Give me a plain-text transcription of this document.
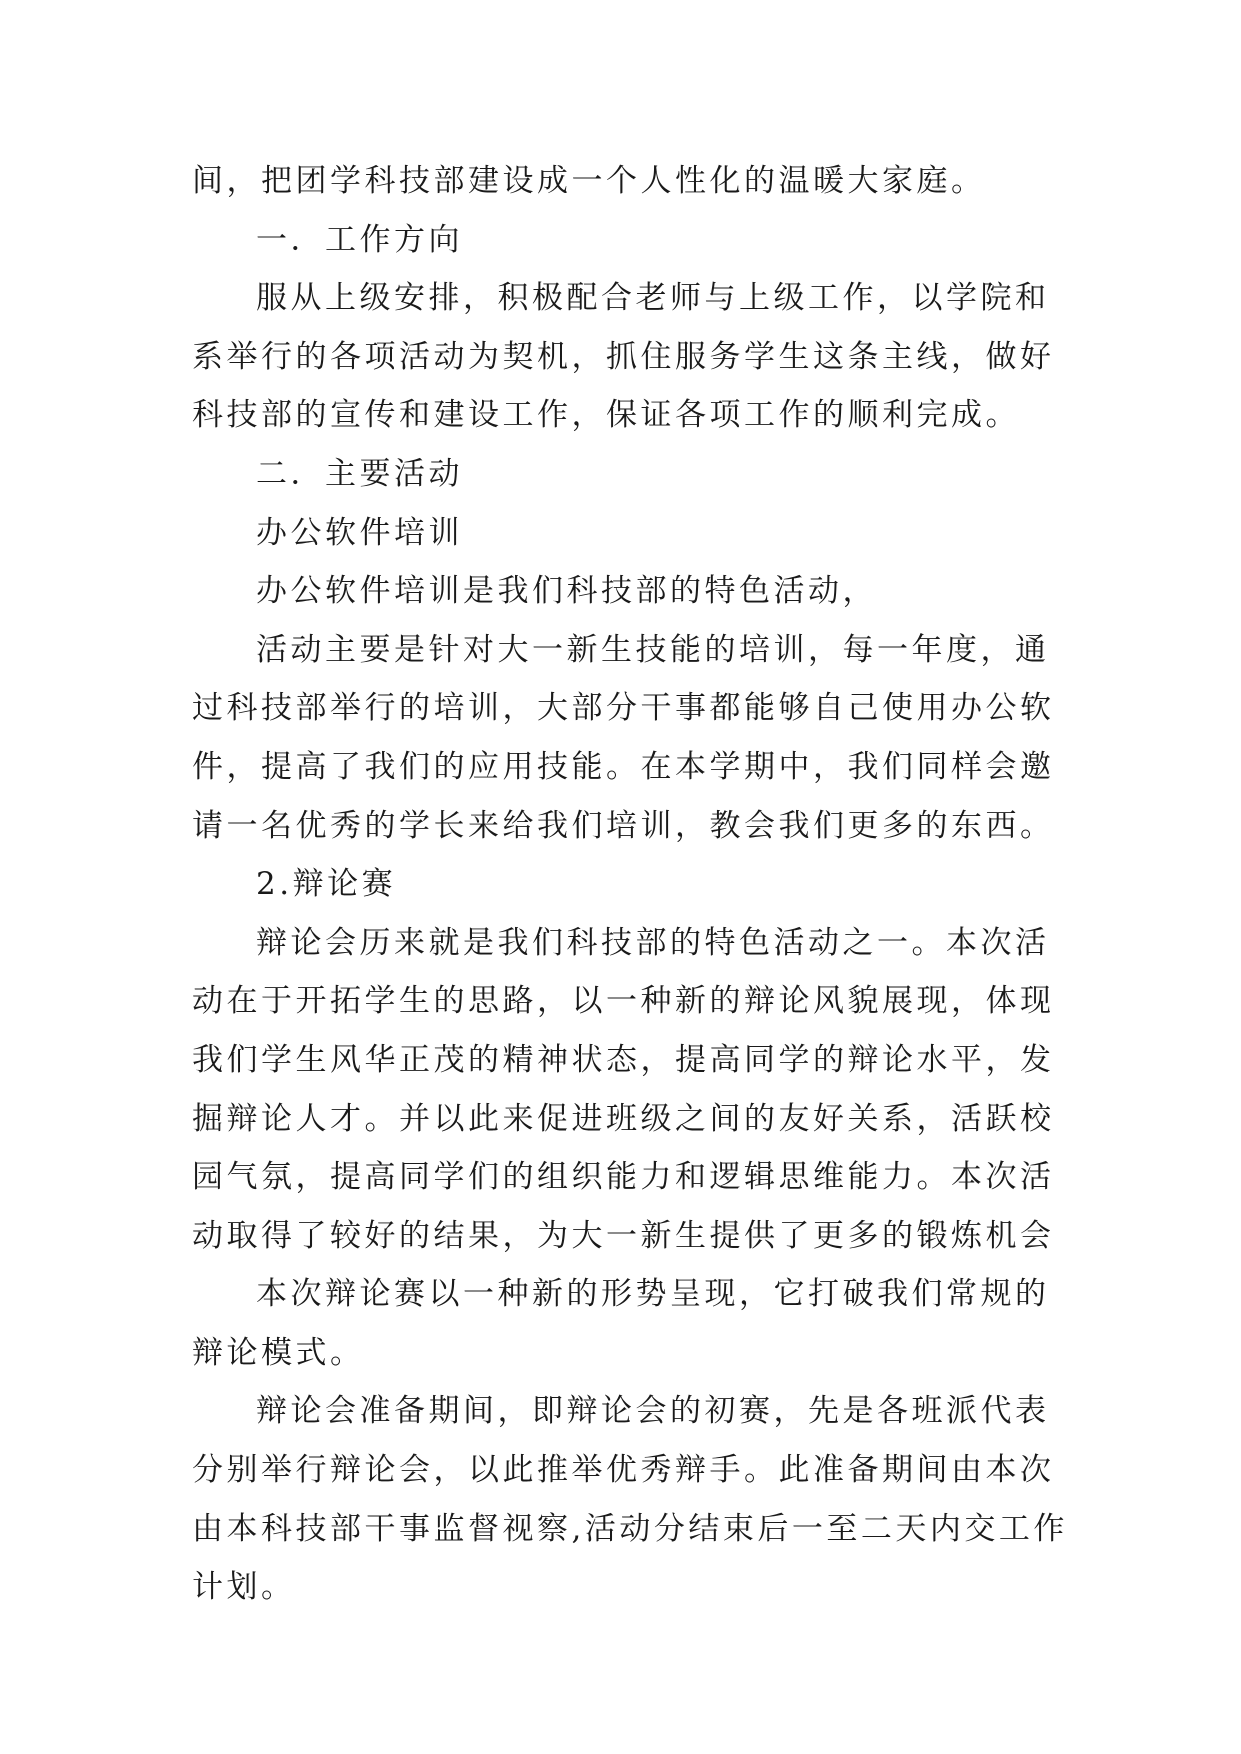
间，把团学科技部建设成一个人性化的温暖大家庭。

一．工作方向

服从上级安排，积极配合老师与上级工作，以学院和系举行的各项活动为契机，抓住服务学生这条主线，做好科技部的宣传和建设工作，保证各项工作的顺利完成。

二．主要活动

办公软件培训

办公软件培训是我们科技部的特色活动，

活动主要是针对大一新生技能的培训，每一年度，通过科技部举行的培训，大部分干事都能够自己使用办公软件，提高了我们的应用技能。在本学期中，我们同样会邀请一名优秀的学长来给我们培训，教会我们更多的东西。

2.辩论赛

辩论会历来就是我们科技部的特色活动之一。本次活动在于开拓学生的思路，以一种新的辩论风貌展现，体现我们学生风华正茂的精神状态，提高同学的辩论水平，发掘辩论人才。并以此来促进班级之间的友好关系，活跃校园气氛，提高同学们的组织能力和逻辑思维能力。本次活动取得了较好的结果，为大一新生提供了更多的锻炼机会

本次辩论赛以一种新的形势呈现，它打破我们常规的辩论模式。

辩论会准备期间，即辩论会的初赛，先是各班派代表分别举行辩论会，以此推举优秀辩手。此准备期间由本次由本科技部干事监督视察,活动分结束后一至二天内交工作计划。
